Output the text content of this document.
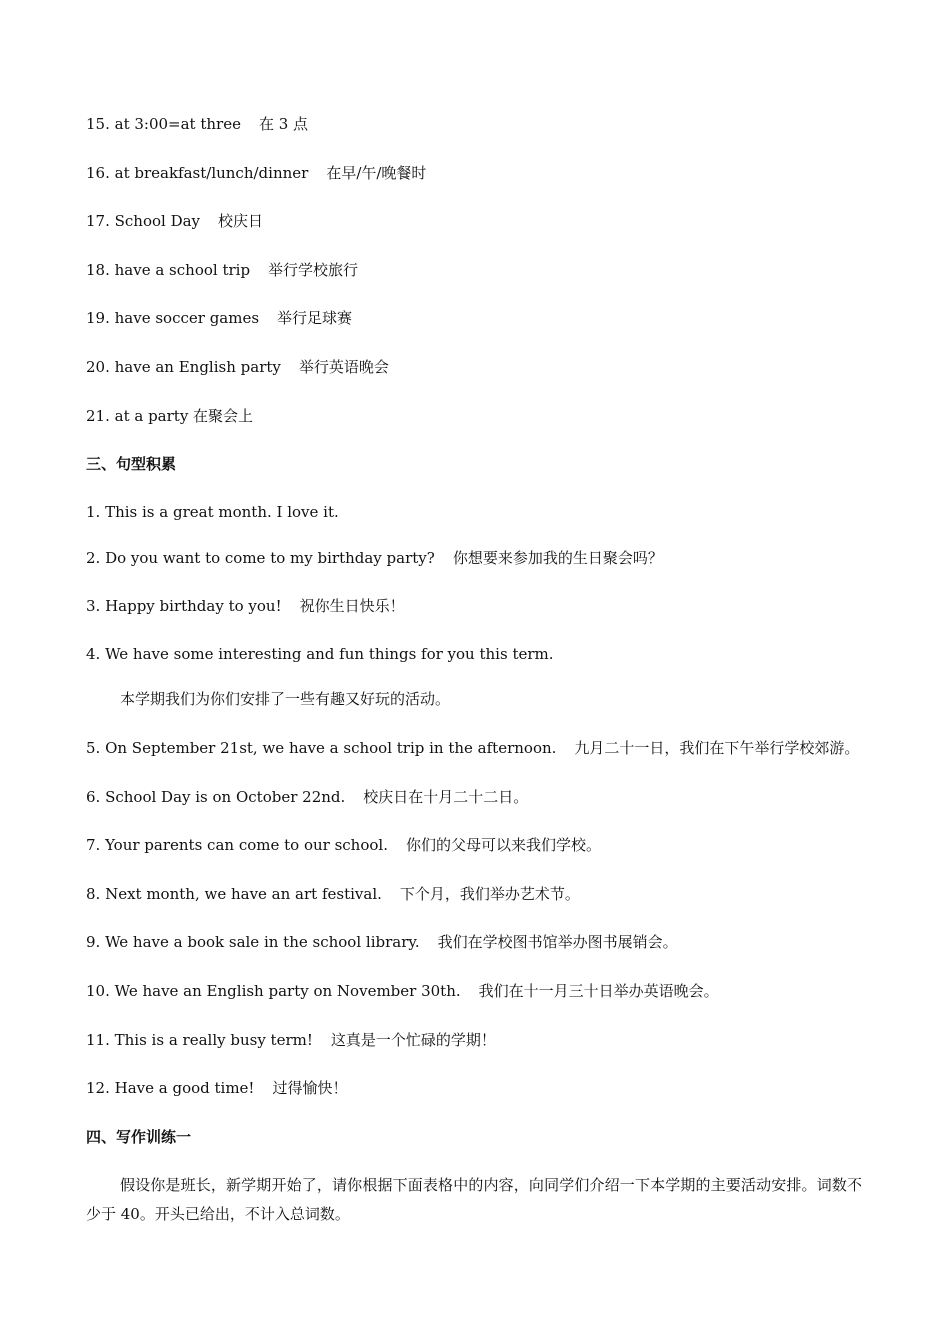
15. at 3:00=at three 在 3 点
16. at breakfast/lunch/dinner 在早/午/晚餐时
17. School Day 校庆日
18. have a school trip 举行学校旅行
19. have soccer games 举行足球赛
20. have an English party 举行英语晚会
21. at a party 在聚会上
三、句型积累
1. This is a great month. I love it.
2. Do you want to come to my birthday party? 你想要来参加我的生日聚会吗？
3. Happy birthday to you! 祝你生日快乐！
4. We have some interesting and fun things for you this term.
本学期我们为你们安排了一些有趣又好玩的活动。
5. On September 21st, we have a school trip in the afternoon. 九月二十一日，我们在下午举行学校郊游。
6. School Day is on October 22nd. 校庆日在十月二十二日。
7. Your parents can come to our school. 你们的父母可以来我们学校。
8. Next month, we have an art festival. 下个月，我们举办艺术节。
9. We have a book sale in the school library. 我们在学校图书馆举办图书展销会。
10. We have an English party on November 30th. 我们在十一月三十日举办英语晚会。
11. This is a really busy term! 这真是一个忙碌的学期！
12. Have a good time! 过得愉快！
四、写作训练一
假设你是班长，新学期开始了，请你根据下面表格中的内容，向同学们介绍一下本学期的主要活动安排。词数不少于 40。开头已给出，不计入总词数。
